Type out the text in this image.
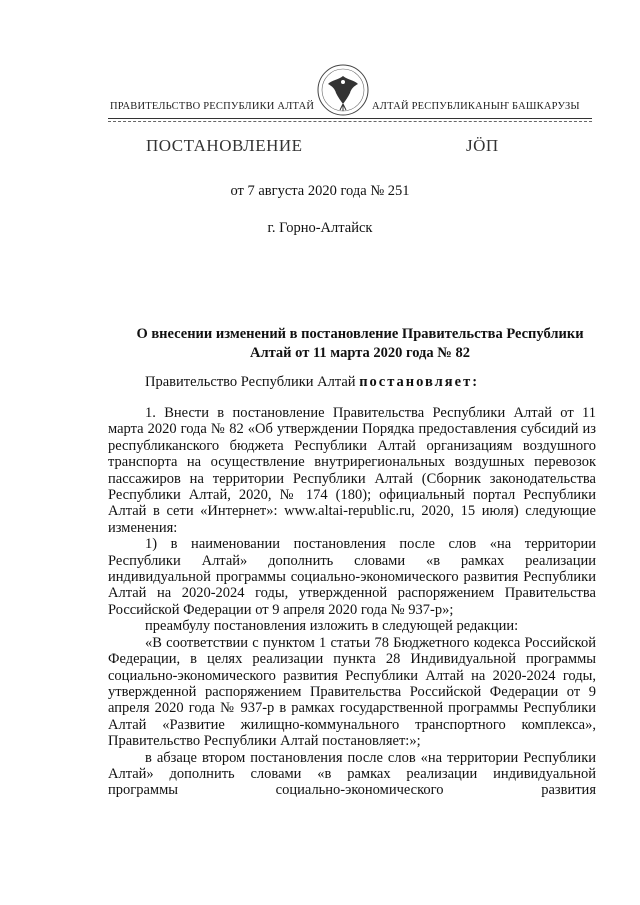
ПРАВИТЕЛЬСТВО РЕСПУБЛИКИ АЛТАЙ	АЛТАЙ РЕСПУБЛИКАНЫҤ БАШКАРУЗЫ
ПОСТАНОВЛЕНИЕ	ЈӦП
от 7 августа 2020 года № 251
г. Горно-Алтайск
О внесении изменений в постановление Правительства Республики
Алтай от 11 марта 2020 года № 82
Правительство Республики Алтай постановляет:

1. Внести в постановление Правительства Республики Алтай от 11 марта 2020 года № 82 «Об утверждении Порядка предоставления субсидий из республиканского бюджета Республики Алтай организациям воздушного транспорта на осуществление внутрирегиональных воздушных перевозок пассажиров на территории Республики Алтай (Сборник законодательства Республики Алтай, 2020, № 174 (180); официальный портал Республики Алтай в сети «Интернет»: www.altai-republic.ru, 2020, 15 июля) следующие изменения:

1) в наименовании постановления после слов «на территории Республики Алтай» дополнить словами «в рамках реализации индивидуальной программы социально-экономического развития Республики Алтай на 2020-2024 годы, утвержденной распоряжением Правительства Российской Федерации от 9 апреля 2020 года № 937-р»;

преамбулу постановления изложить в следующей редакции:

«В соответствии с пунктом 1 статьи 78 Бюджетного кодекса Российской Федерации, в целях реализации пункта 28 Индивидуальной программы социально-экономического развития Республики Алтай на 2020-2024 годы, утвержденной распоряжением Правительства Российской Федерации от 9 апреля 2020 года № 937-р в рамках государственной программы Республики Алтай «Развитие жилищно-коммунального транспортного комплекса», Правительство Республики Алтай постановляет:»;

в абзаце втором постановления после слов «на территории Республики Алтай» дополнить словами «в рамках реализации индивидуальной программы социально-экономического развития
